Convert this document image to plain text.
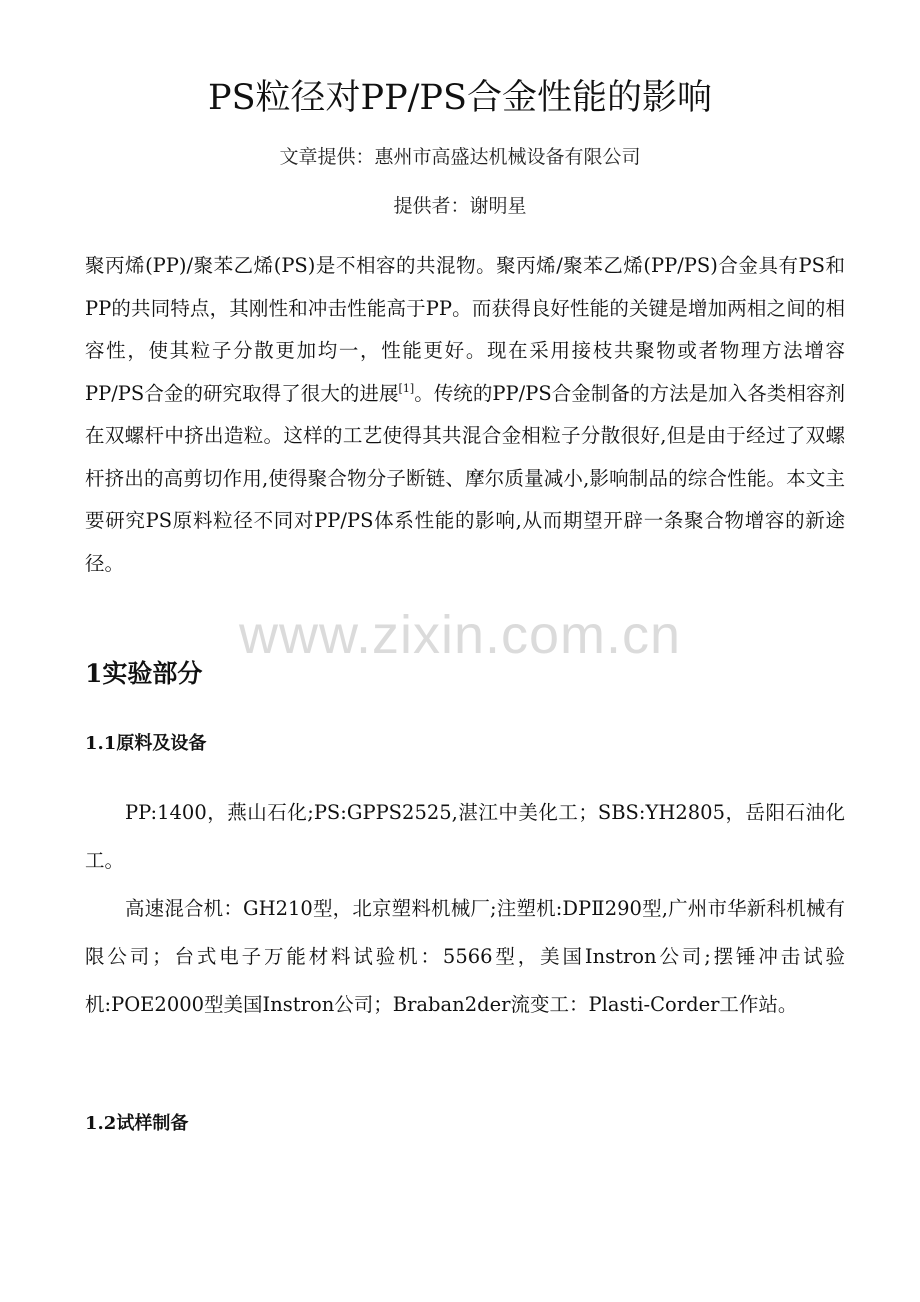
PS粒径对PP/PS合金性能的影响

文章提供：惠州市高盛达机械设备有限公司

提供者：谢明星

聚丙烯(PP)/聚苯乙烯(PS)是不相容的共混物。聚丙烯/聚苯乙烯(PP/PS)合金具有PS和PP的共同特点，其刚性和冲击性能高于PP。而获得良好性能的关键是增加两相之间的相容性，使其粒子分散更加均一，性能更好。现在采用接枝共聚物或者物理方法增容PP/PS合金的研究取得了很大的进展[1]。传统的PP/PS合金制备的方法是加入各类相容剂在双螺杆中挤出造粒。这样的工艺使得其共混合金相粒子分散很好,但是由于经过了双螺杆挤出的高剪切作用,使得聚合物分子断链、摩尔质量减小,影响制品的综合性能。本文主要研究PS原料粒径不同对PP/PS体系性能的影响,从而期望开辟一条聚合物增容的新途径。

www.zixin.com.cn
1实验部分
1.1原料及设备

PP:1400，燕山石化;PS:GPPS2525,湛江中美化工；SBS:YH2805，岳阳石油化工。

高速混合机：GH210型，北京塑料机械厂;注塑机:DPⅡ290型,广州市华新科机械有限公司；台式电子万能材料试验机：5566型，美国Instron公司;摆锤冲击试验机:POE2000型美国Instron公司；Braban2der流变工：Plasti-Corder工作站。

1.2试样制备
